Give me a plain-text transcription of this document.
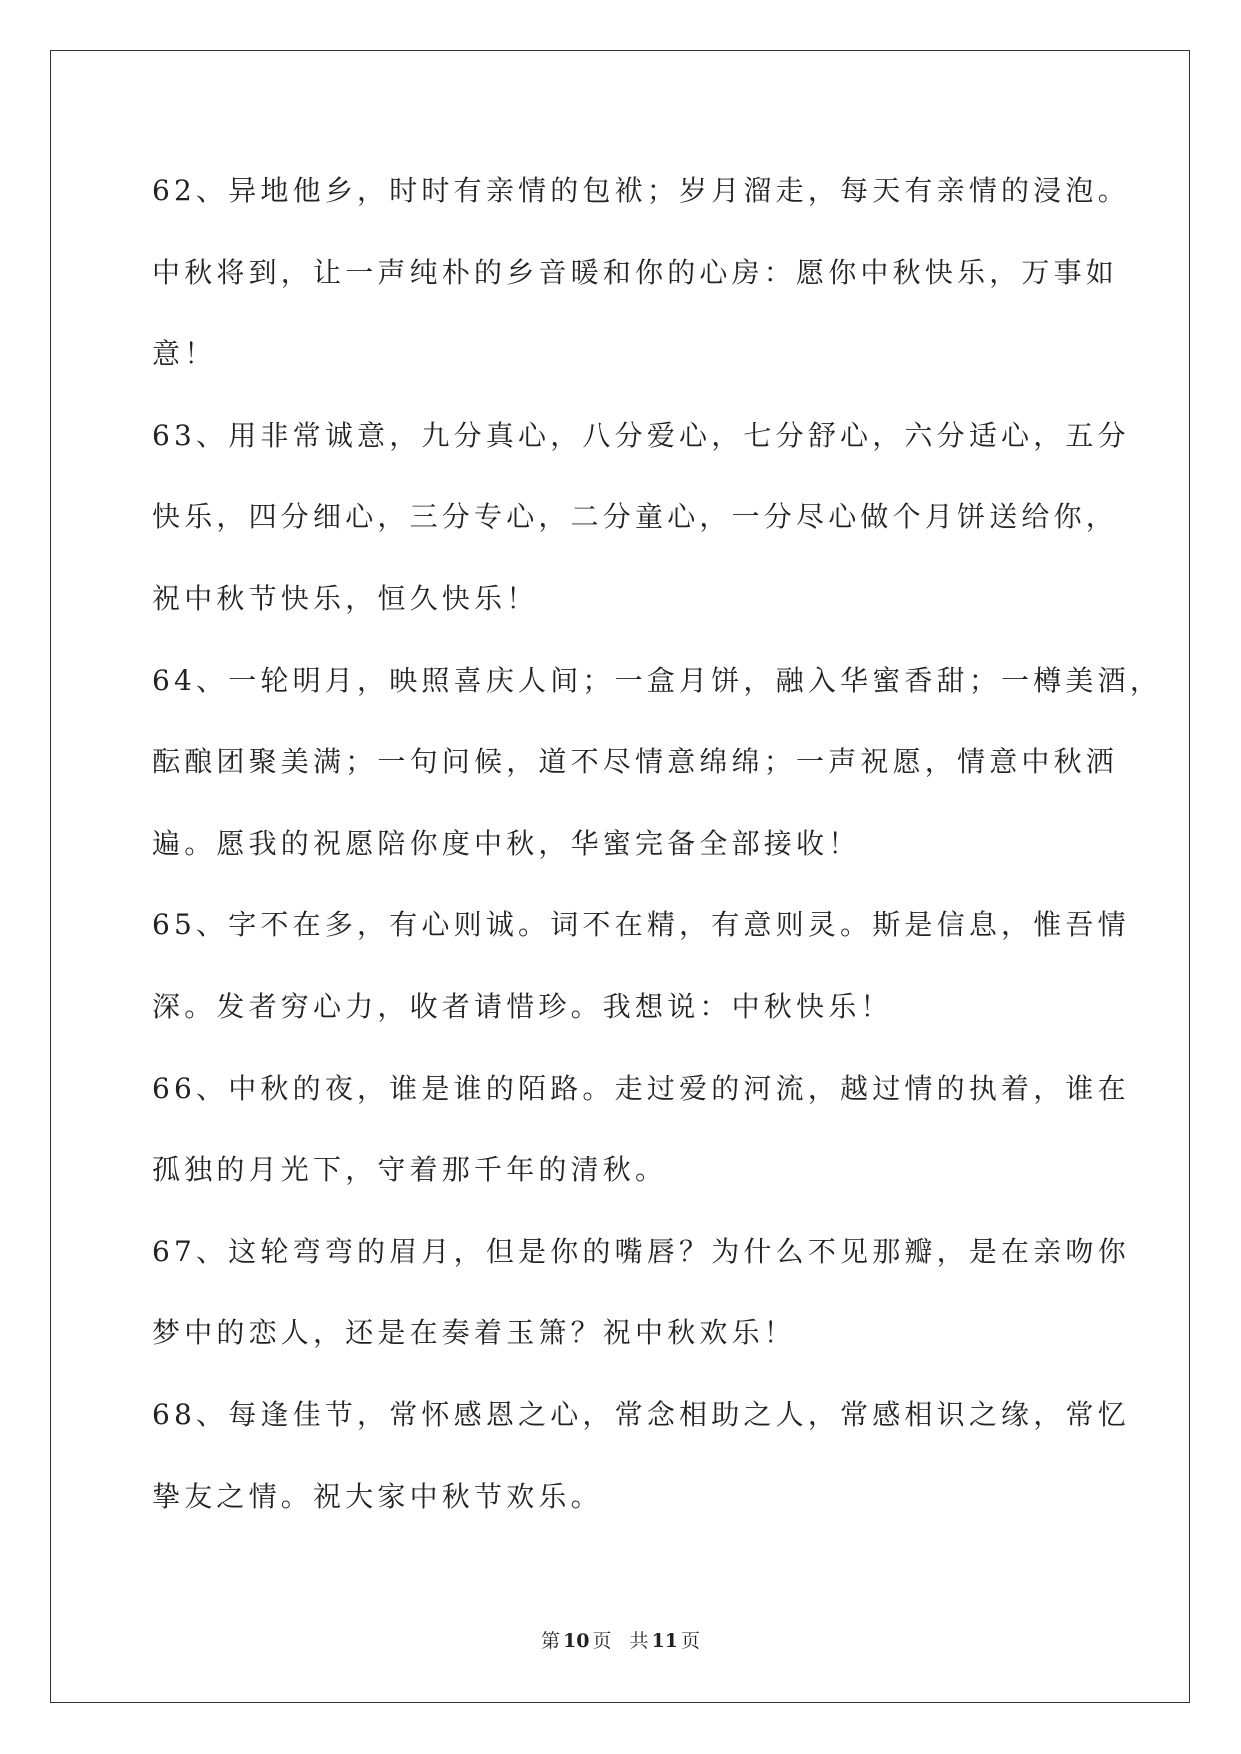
62、异地他乡，时时有亲情的包袱；岁月溜走，每天有亲情的浸泡。
中秋将到，让一声纯朴的乡音暖和你的心房：愿你中秋快乐，万事如
意！
63、用非常诚意，九分真心，八分爱心，七分舒心，六分适心，五分
快乐，四分细心，三分专心，二分童心，一分尽心做个月饼送给你，
祝中秋节快乐，恒久快乐！
64、一轮明月，映照喜庆人间；一盒月饼，融入华蜜香甜；一樽美酒，
酝酿团聚美满；一句问候，道不尽情意绵绵；一声祝愿，情意中秋洒
遍。愿我的祝愿陪你度中秋，华蜜完备全部接收！
65、字不在多，有心则诚。词不在精，有意则灵。斯是信息，惟吾情
深。发者穷心力，收者请惜珍。我想说：中秋快乐！
66、中秋的夜，谁是谁的陌路。走过爱的河流，越过情的执着，谁在
孤独的月光下，守着那千年的清秋。
67、这轮弯弯的眉月，但是你的嘴唇？为什么不见那瓣，是在亲吻你
梦中的恋人，还是在奏着玉箫？祝中秋欢乐！
68、每逢佳节，常怀感恩之心，常念相助之人，常感相识之缘，常忆
挚友之情。祝大家中秋节欢乐。
第 10 页 共 11 页
